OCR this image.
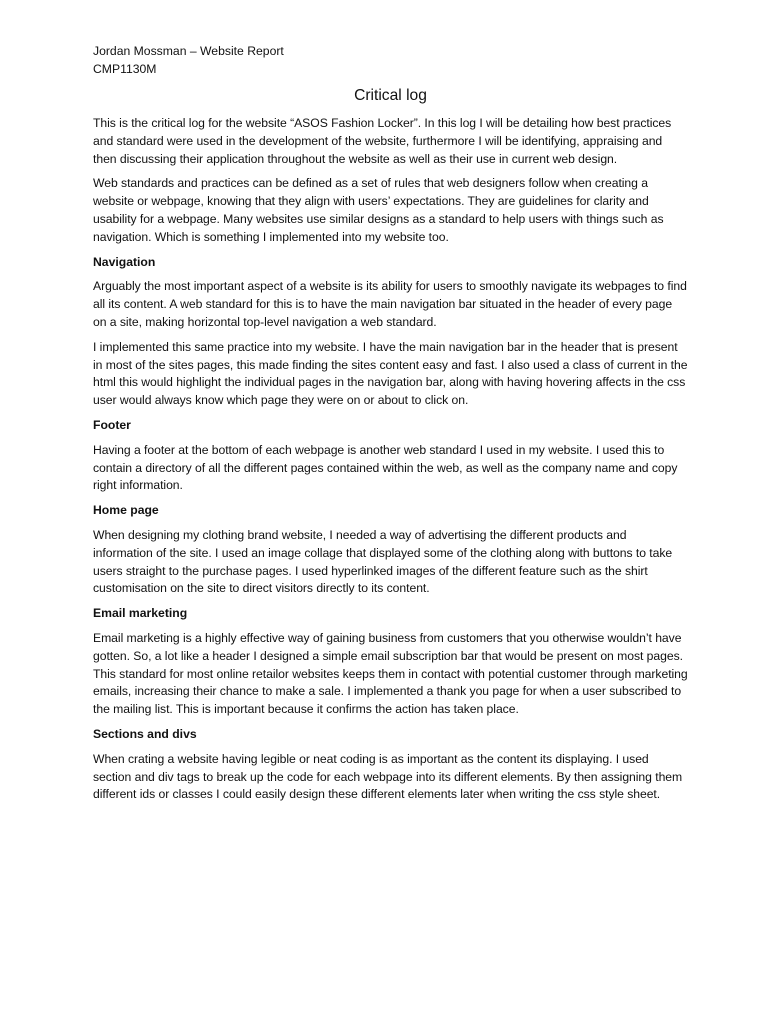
Jordan Mossman – Website Report

CMP1130M

Critical log

This is the critical log for the website “ASOS Fashion Locker”. In this log I will be detailing how best practices and standard were used in the development of the website, furthermore I will be identifying, appraising and then discussing their application throughout the website as well as their use in current web design.

Web standards and practices can be defined as a set of rules that web designers follow when creating a website or webpage, knowing that they align with users’ expectations. They are guidelines for clarity and usability for a webpage. Many websites use similar designs as a standard to help users with things such as navigation. Which is something I implemented into my website too.

Navigation

Arguably the most important aspect of a website is its ability for users to smoothly navigate its webpages to find all its content. A web standard for this is to have the main navigation bar situated in the header of every page on a site, making horizontal top-level navigation a web standard.

I implemented this same practice into my website. I have the main navigation bar in the header that is present in most of the sites pages, this made finding the sites content easy and fast. I also used a class of current in the html this would highlight the individual pages in the navigation bar, along with having hovering affects in the css user would always know which page they were on or about to click on.

Footer

Having a footer at the bottom of each webpage is another web standard I used in my website. I used this to contain a directory of all the different pages contained within the web, as well as the company name and copy right information.

Home page

When designing my clothing brand website, I needed a way of advertising the different products and information of the site. I used an image collage that displayed some of the clothing along with buttons to take users straight to the purchase pages. I used hyperlinked images of the different feature such as the shirt customisation on the site to direct visitors directly to its content.

Email marketing

Email marketing is a highly effective way of gaining business from customers that you otherwise wouldn’t have gotten. So, a lot like a header I designed a simple email subscription bar that would be present on most pages. This standard for most online retailor websites keeps them in contact with potential customer through marketing emails, increasing their chance to make a sale. I implemented a thank you page for when a user subscribed to the mailing list. This is important because it confirms the action has taken place.

Sections and divs

When crating a website having legible or neat coding is as important as the content its displaying. I used section and div tags to break up the code for each webpage into its different elements. By then assigning them different ids or classes I could easily design these different elements later when writing the css style sheet.
